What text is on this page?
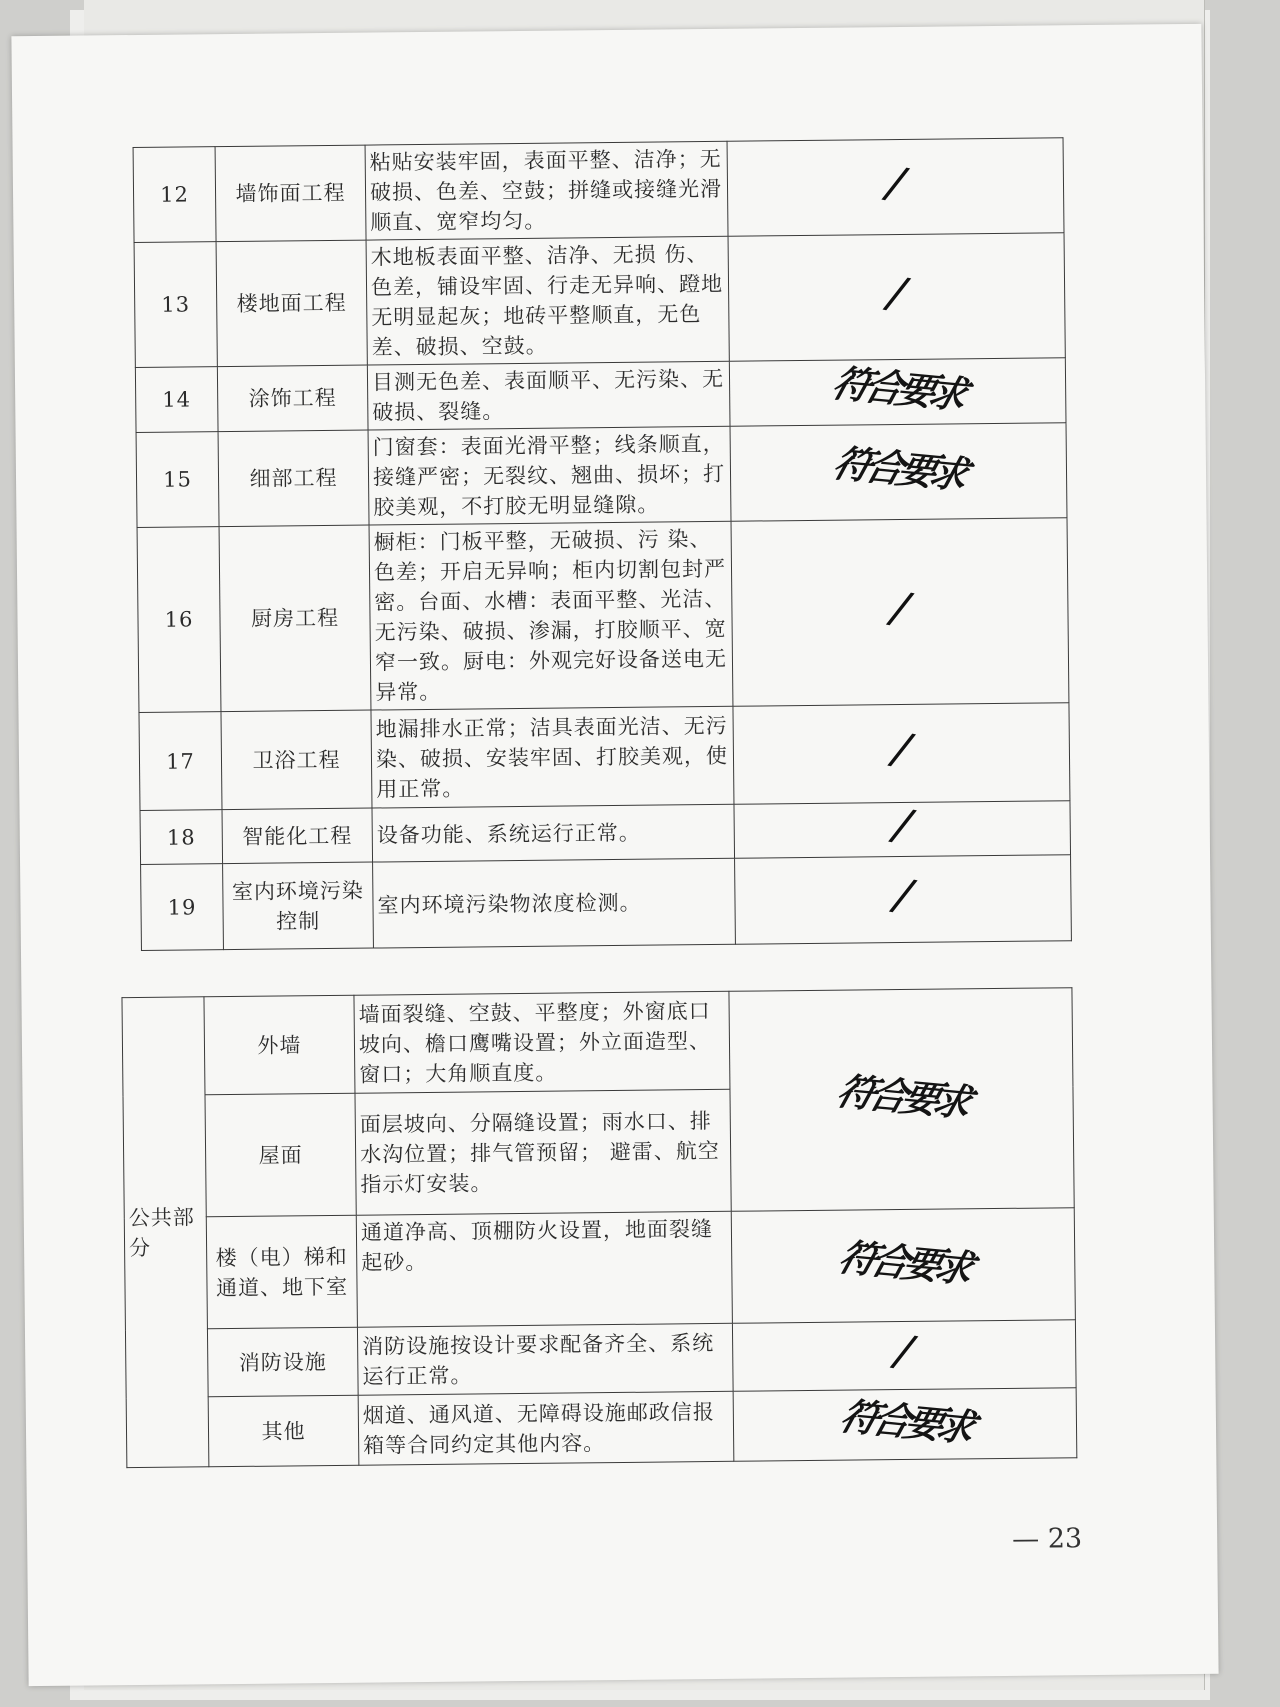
12	墙饰面工程	粘贴安装牢固，表面平整、洁净；无破损、色差、空鼓；拼缝或接缝光滑顺直、宽窄均匀。	/
13	楼地面工程	木地板表面平整、洁净、无损 伤、色差，铺设牢固、行走无异响、蹬地无明显起灰；地砖平整顺直，无色差、破损、空鼓。	/
14	涂饰工程	目测无色差、表面顺平、无污染、无破损、裂缝。	符合要求
15	细部工程	门窗套：表面光滑平整；线条顺直，接缝严密；无裂纹、翘曲、损坏；打胶美观，不打胶无明显缝隙。	符合要求
16	厨房工程	橱柜：门板平整，无破损、污 染、色差；开启无异响；柜内切割包封严密。台面、水槽：表面平整、光洁、无污染、破损、渗漏，打胶顺平、宽窄一致。厨电：外观完好设备送电无异常。	/
17	卫浴工程	地漏排水正常；洁具表面光洁、无污染、破损、安装牢固、打胶美观，使用正常。	/
18	智能化工程	设备功能、系统运行正常。	/
19	室内环境污染控制	室内环境污染物浓度检测。	/
公共部分	外墙	墙面裂缝、空鼓、平整度；外窗底口坡向、檐口鹰嘴设置；外立面造型、窗口；大角顺直度。	符合要求
	屋面	面层坡向、分隔缝设置；雨水口、排水沟位置；排气管预留； 避雷、航空指示灯安装。	
	楼（电）梯和通道、地下室	通道净高、顶棚防火设置，地面裂缝起砂。	符合要求
	消防设施	消防设施按设计要求配备齐全、系统运行正常。	/
	其他	烟道、通风道、无障碍设施邮政信报箱等合同约定其他内容。	符合要求
— 23
